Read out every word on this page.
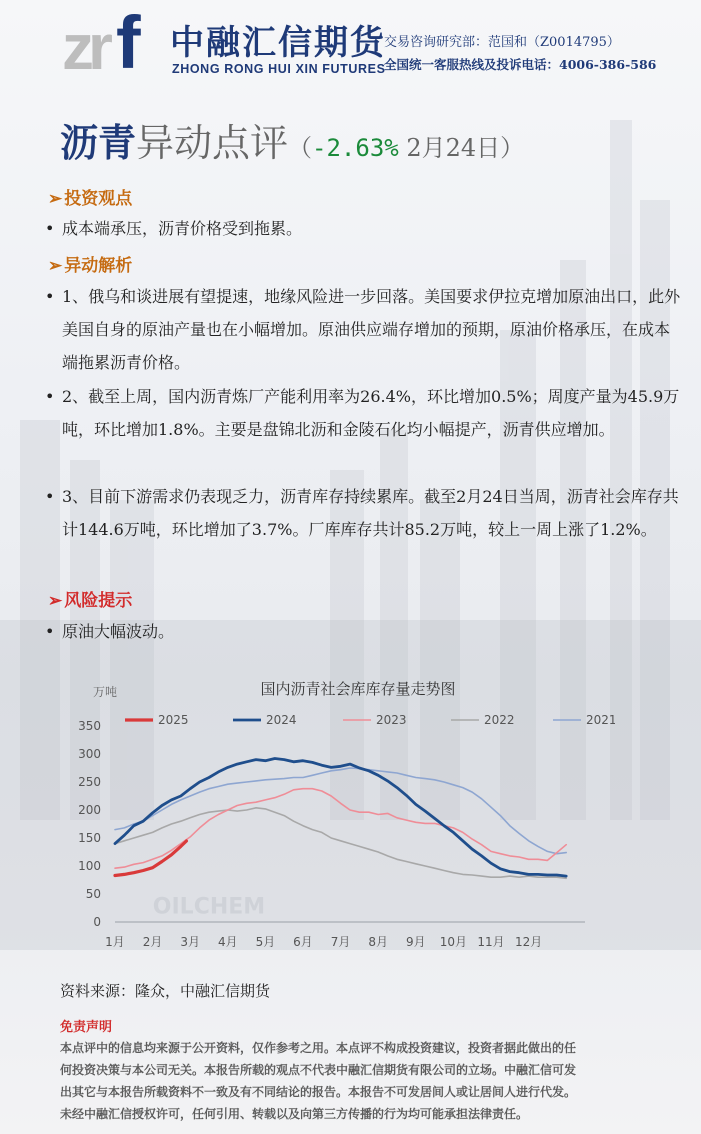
zr f 中融汇信期货
ZHONG RONG HUI XIN FUTURES
交易咨询研究部：范国和（Z0014795）
全国统一客服热线及投诉电话：4006-386-586
沥青异动点评（-2.63% 2月24日）
➢ 投资观点
• 成本端承压，沥青价格受到拖累。
➢ 异动解析
• 1、俄乌和谈进展有望提速，地缘风险进一步回落。美国要求伊拉克增加原油出口，此外美国自身的原油产量也在小幅增加。原油供应端存增加的预期，原油价格承压，在成本端拖累沥青价格。
• 2、截至上周，国内沥青炼厂产能利用率为26.4%，环比增加0.5%；周度产量为45.9万吨，环比增加1.8%。主要是盘锦北沥和金陵石化均小幅提产，沥青供应增加。
• 3、目前下游需求仍表现乏力，沥青库存持续累库。截至2月24日当周，沥青社会库存共计144.6万吨，环比增加了3.7%。厂库库存共计85.2万吨，较上一周上涨了1.2%。
➢ 风险提示
• 原油大幅波动。
国内沥青社会库库存量走势图
万吨
OILCHEM
0
50
100
150
200
250
300
350
1月 2月 3月 4月 5月 6月 7月 8月 9月 10月 11月 12月
2025	2024	2023	2022	2021
资料来源：隆众，中融汇信期货
免责声明
本点评中的信息均来源于公开资料，仅作参考之用。本点评不构成投资建议，投资者据此做出的任
何投资决策与本公司无关。本报告所载的观点不代表中融汇信期货有限公司的立场。中融汇信可发
出其它与本报告所载资料不一致及有不同结论的报告。本报告不可发居间人或让居间人进行代发。
未经中融汇信授权许可，任何引用、转载以及向第三方传播的行为均可能承担法律责任。
